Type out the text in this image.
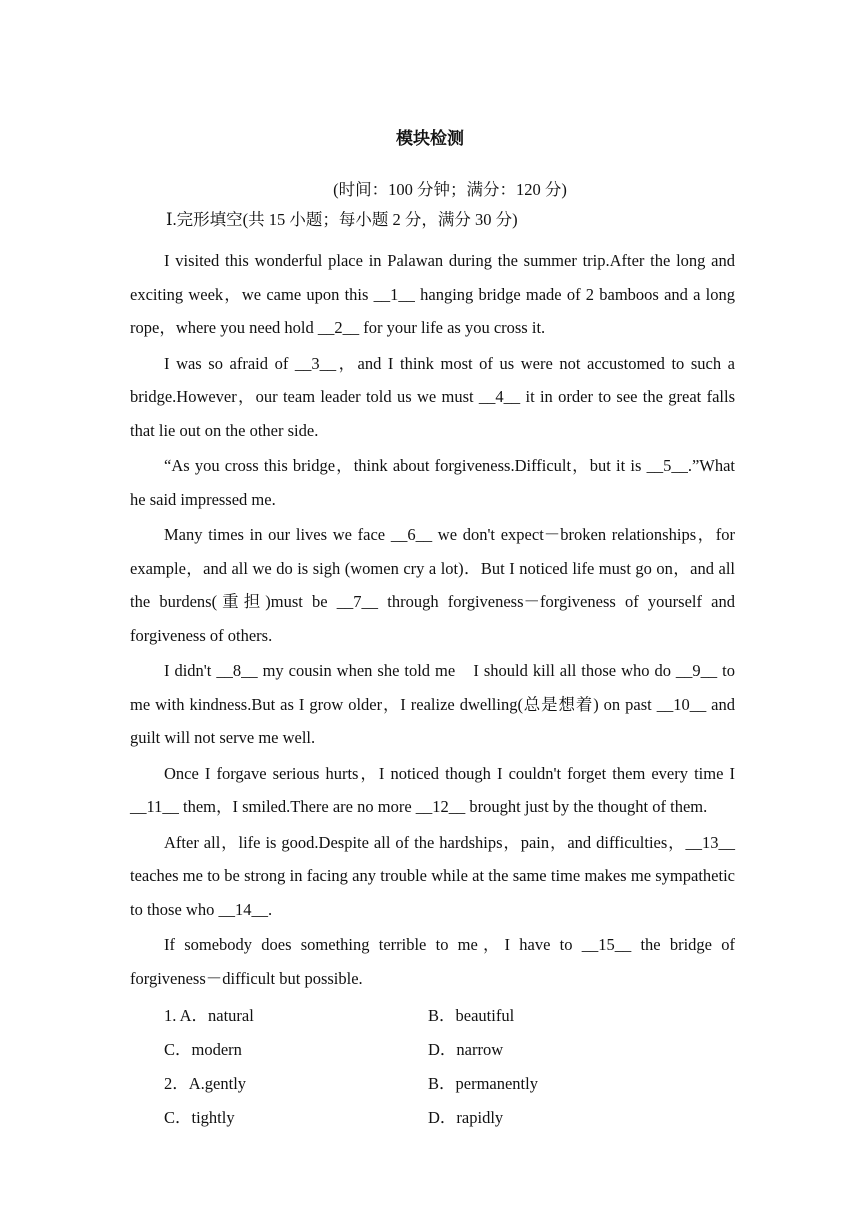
模块检测
(时间：100 分钟；满分：120 分)
Ⅰ.完形填空(共 15 小题；每小题 2 分，满分 30 分)

I visited this wonderful place in Palawan during the summer trip.After the long and exciting week，we came upon this __1__ hanging bridge made of 2 bamboos and a long rope，where you need hold __2__ for your life as you cross it.

I was so afraid of __3__，and I think most of us were not accustomed to such a bridge.However，our team leader told us we must __4__ it in order to see the great falls that lie out on the other side.

“As you cross this bridge，think about forgiveness.Difficult，but it is __5__.”What he said impressed me.

Many times in our lives we face __6__ we don't expect－broken relationships，for example，and all we do is sigh (women cry a lot)．But I noticed life must go on，and all the burdens(重担)must be __7__ through forgiveness－forgiveness of yourself and forgiveness of others.

I didn't __8__ my cousin when she told me　I should kill all those who do __9__ to me with kindness.But as I grow older，I realize dwelling(总是想着) on past __10__ and guilt will not serve me well.

Once I forgave serious hurts，I noticed though I couldn't forget them every time I __11__ them，I smiled.There are no more __12__ brought just by the thought of them.

After all，life is good.Despite all of the hardships，pain，and difficulties，__13__ teaches me to be strong in facing any trouble while at the same time makes me sympathetic to those who __14__.

If somebody does something terrible to me，I have to __15__ the bridge of forgiveness－difficult but possible.

1. A．natural	B．beautiful
C．modern	D．narrow
2．A.gently	B．permanently
C．tightly	D．rapidly
